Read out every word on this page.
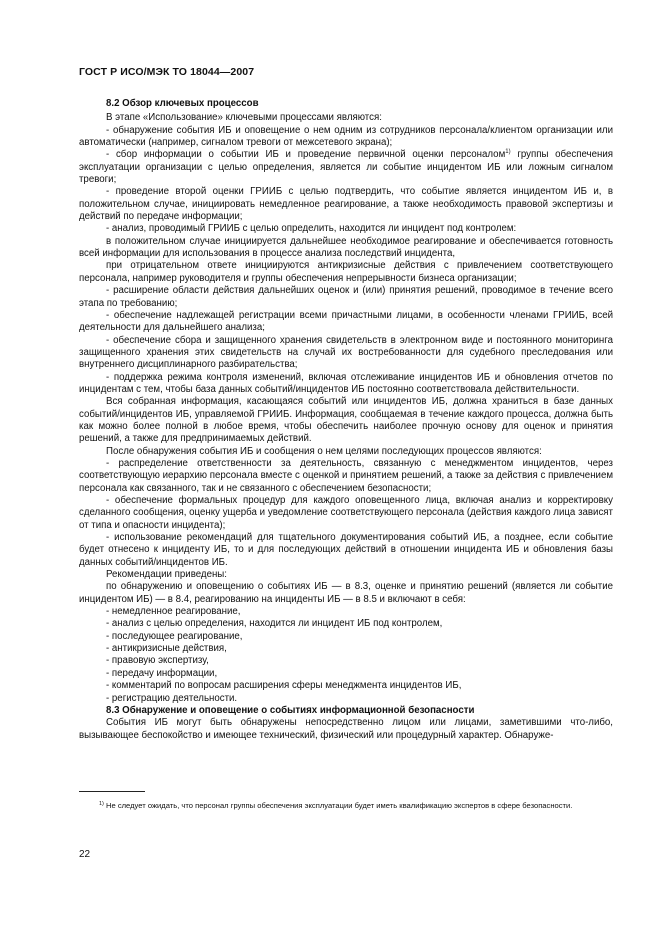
ГОСТ Р ИСО/МЭК ТО 18044—2007

8.2 Обзор ключевых процессов

В этапе «Использование» ключевыми процессами являются:

- обнаружение события ИБ и оповещение о нем одним из сотрудников персонала/клиентом организации или автоматически (например, сигналом тревоги от межсетевого экрана);

- сбор информации о событии ИБ и проведение первичной оценки персоналом$^{1)}$ группы обеспечения эксплуатации организации с целью определения, является ли событие инцидентом ИБ или ложным сигналом тревоги;

- проведение второй оценки ГРИИБ с целью подтвердить, что событие является инцидентом ИБ и, в положительном случае, инициировать немедленное реагирование, а также необходимость правовой экспертизы и действий по передаче информации;

- анализ, проводимый ГРИИБ с целью определить, находится ли инцидент под контролем:

в положительном случае инициируется дальнейшее необходимое реагирование и обеспечивается готовность всей информации для использования в процессе анализа последствий инцидента,

при отрицательном ответе инициируются антикризисные действия с привлечением соответствующего персонала, например руководителя и группы обеспечения непрерывности бизнеса организации;

- расширение области действия дальнейших оценок и (или) принятия решений, проводимое в течение всего этапа по требованию;

- обеспечение надлежащей регистрации всеми причастными лицами, в особенности членами ГРИИБ, всей деятельности для дальнейшего анализа;

- обеспечение сбора и защищенного хранения свидетельств в электронном виде и постоянного мониторинга защищенного хранения этих свидетельств на случай их востребованности для судебного преследования или внутреннего дисциплинарного разбирательства;

- поддержка режима контроля изменений, включая отслеживание инцидентов ИБ и обновления отчетов по инцидентам с тем, чтобы база данных событий/инцидентов ИБ постоянно соответствовала действительности.

Вся собранная информация, касающаяся событий или инцидентов ИБ, должна храниться в базе данных событий/инцидентов ИБ, управляемой ГРИИБ. Информация, сообщаемая в течение каждого процесса, должна быть как можно более полной в любое время, чтобы обеспечить наиболее прочную основу для оценок и принятия решений, а также для предпринимаемых действий.

После обнаружения события ИБ и сообщения о нем целями последующих процессов являются:

- распределение ответственности за деятельность, связанную с менеджментом инцидентов, через соответствующую иерархию персонала вместе с оценкой и принятием решений, а также за действия с привлечением персонала как связанного, так и не связанного с обеспечением безопасности;

- обеспечение формальных процедур для каждого оповещенного лица, включая анализ и корректировку сделанного сообщения, оценку ущерба и уведомление соответствующего персонала (действия каждого лица зависят от типа и опасности инцидента);

- использование рекомендаций для тщательного документирования событий ИБ, а позднее, если событие будет отнесено к инциденту ИБ, то и для последующих действий в отношении инцидента ИБ и обновления базы данных событий/инцидентов ИБ.

Рекомендации приведены:

по обнаружению и оповещению о событиях ИБ — в 8.3, оценке и принятию решений (является ли событие инцидентом ИБ) — в 8.4, реагированию на инциденты ИБ — в 8.5 и включают в себя:

- немедленное реагирование,

- анализ с целью определения, находится ли инцидент ИБ под контролем,

- последующее реагирование,

- антикризисные действия,

- правовую экспертизу,

- передачу информации,

- комментарий по вопросам расширения сферы менеджмента инцидентов ИБ,

- регистрацию деятельности.

8.3 Обнаружение и оповещение о событиях информационной безопасности

События ИБ могут быть обнаружены непосредственно лицом или лицами, заметившими что-либо, вызывающее беспокойство и имеющее технический, физический или процедурный характер. Обнаруже-

$^{1)}$ Не следует ожидать, что персонал группы обеспечения эксплуатации будет иметь квалификацию экспертов в сфере безопасности.
22
